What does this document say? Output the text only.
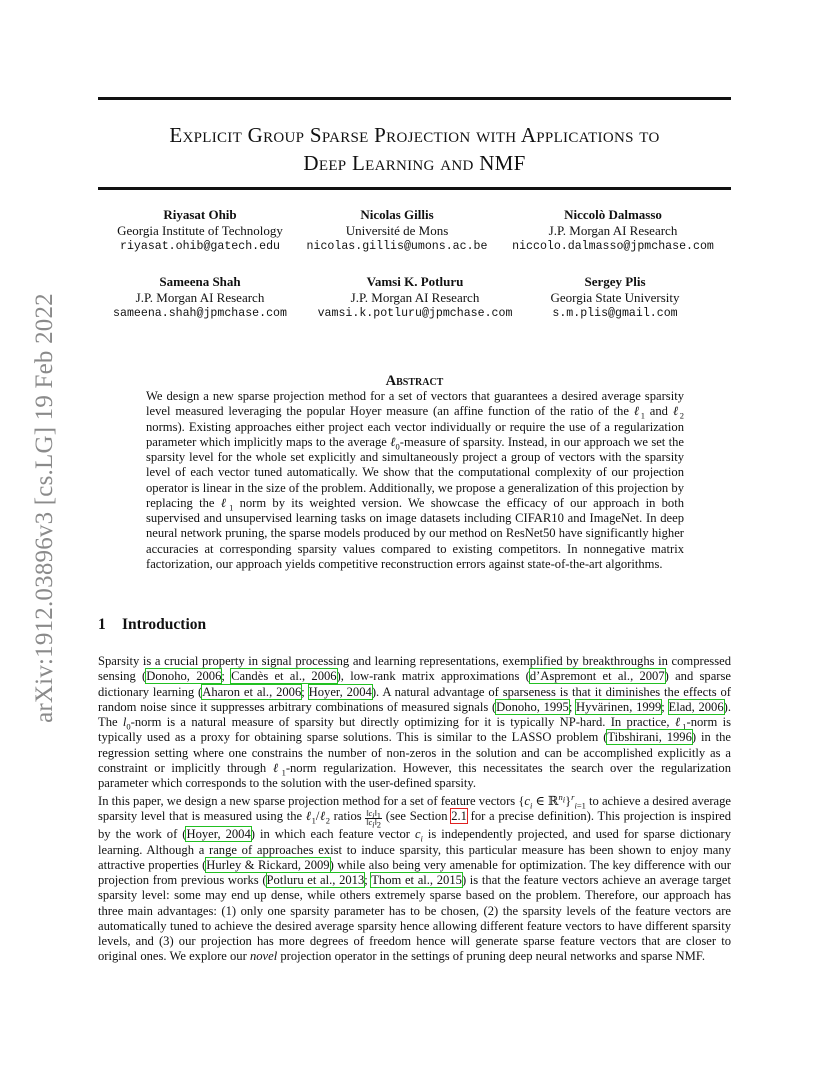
arXiv:1912.03896v3 [cs.LG] 19 Feb 2022
Explicit Group Sparse Projection with Applications to
Deep Learning and NMF
Riyasat Ohib
Georgia Institute of Technology
riyasat.ohib@gatech.edu
Nicolas Gillis
Université de Mons
nicolas.gillis@umons.ac.be
Niccolò Dalmasso
J.P. Morgan AI Research
niccolo.dalmasso@jpmchase.com
Sameena Shah
J.P. Morgan AI Research
sameena.shah@jpmchase.com
Vamsi K. Potluru
J.P. Morgan AI Research
vamsi.k.potluru@jpmchase.com
Sergey Plis
Georgia State University
s.m.plis@gmail.com
Abstract
We design a new sparse projection method for a set of vectors that guarantees a desired average sparsity level measured leveraging the popular Hoyer measure (an affine function of the ratio of the ℓ$_1$ and ℓ$_2$ norms). Existing approaches either project each vector individually or require the use of a regularization parameter which implicitly maps to the average ℓ$_0$-measure of sparsity. Instead, in our approach we set the sparsity level for the whole set explicitly and simultaneously project a group of vectors with the sparsity level of each vector tuned automatically. We show that the computational complexity of our projection operator is linear in the size of the problem. Additionally, we propose a generalization of this projection by replacing the ℓ$_1$ norm by its weighted version. We showcase the efficacy of our approach in both supervised and unsupervised learning tasks on image datasets including CIFAR10 and ImageNet. In deep neural network pruning, the sparse models produced by our method on ResNet50 have significantly higher accuracies at corresponding sparsity values compared to existing competitors. In nonnegative matrix factorization, our approach yields competitive reconstruction errors against state-of-the-art algorithms.
1 Introduction
Sparsity is a crucial property in signal processing and learning representations, exemplified by breakthroughs in compressed sensing (Donoho, 2006; Candès et al., 2006), low-rank matrix approximations (d’Aspremont et al., 2007) and sparse dictionary learning (Aharon et al., 2006; Hoyer, 2004). A natural advantage of sparseness is that it diminishes the effects of random noise since it suppresses arbitrary combinations of measured signals (Donoho, 1995; Hyvärinen, 1999; Elad, 2006). The $l_0$-norm is a natural measure of sparsity but directly optimizing for it is typically NP-hard. In practice, ℓ$_1$-norm is typically used as a proxy for obtaining sparse solutions. This is similar to the LASSO problem (Tibshirani, 1996) in the regression setting where one constrains the number of non-zeros in the solution and can be accomplished explicitly as a constraint or implicitly through ℓ$_1$-norm regularization. However, this necessitates the search over the regularization parameter which corresponds to the solution with the user-defined sparsity.
In this paper, we design a new sparse projection method for a set of feature vectors {$c_i$ ∈ ℝ$^{n_i}$}$^r_{i=1}$ to achieve a desired average sparsity level that is measured using the ℓ$_1$/ℓ$_2$ ratios $\frac{‖c_i‖_1}{‖c_i‖_2} (see$ Section 2.1 for a precise definition). This projection is inspired by the work of (Hoyer, 2004) in which each feature vector $c_i$ is independently projected, and used for sparse dictionary learning. Although a range of approaches exist to induce sparsity, this particular measure has been shown to enjoy many attractive properties (Hurley & Rickard, 2009) while also being very amenable for optimization. The key difference with our projection from previous works (Potluru et al., 2013; Thom et al., 2015) is that the feature vectors achieve an average target sparsity level: some may end up dense, while others extremely sparse based on the problem. Therefore, our approach has three main advantages: (1) only one sparsity parameter has to be chosen, (2) the sparsity levels of the feature vectors are automatically tuned to achieve the desired average sparsity hence allowing different feature vectors to have different sparsity levels, and (3) our projection has more degrees of freedom hence will generate sparse feature vectors that are closer to original ones. We explore our novel projection operator in the settings of pruning deep neural networks and sparse NMF.
